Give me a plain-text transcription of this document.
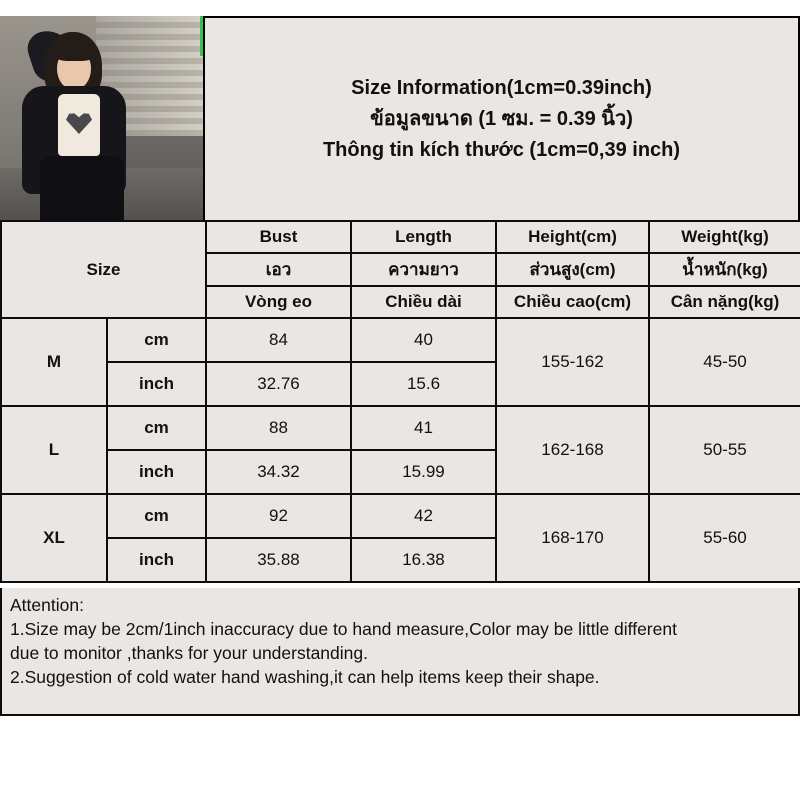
Size Information(1cm=0.39inch)
ข้อมูลขนาด (1 ซม. = 0.39 นิ้ว)
Thông tin kích thước (1cm=0,39 inch)
Size		Bust	Length	Height(cm)	Weight(kg)
		เอว	ความยาว	ส่วนสูง(cm)	น้ำหนัก(kg)
		Vòng eo	Chiều dài	Chiều cao(cm)	Cân nặng(kg)
M	cm	84	40	155-162	45-50
	inch	32.76	15.6		
L	cm	88	41	162-168	50-55
	inch	34.32	15.99		
XL	cm	92	42	168-170	55-60
	inch	35.88	16.38		

Attention:

1.Size may be 2cm/1inch inaccuracy due to hand measure,Color may be little different

due to monitor ,thanks for your understanding.

2.Suggestion of cold water hand washing,it can help items keep their shape.
